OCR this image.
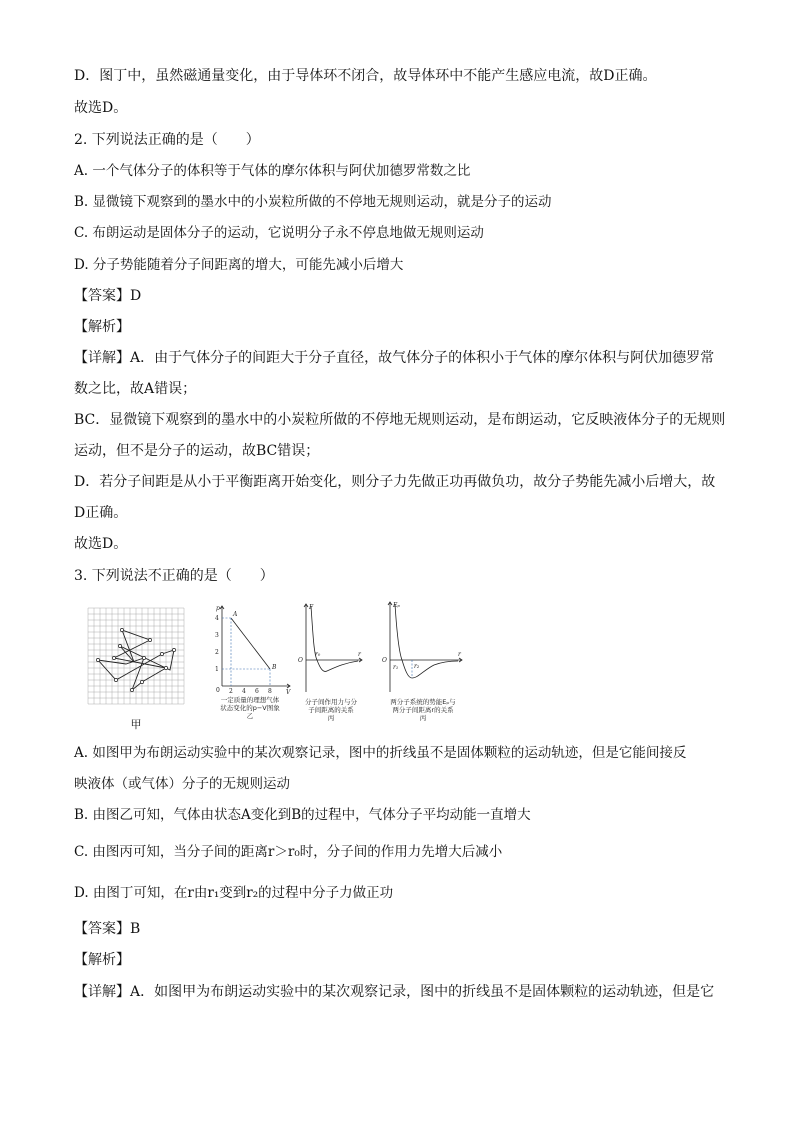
D．图丁中，虽然磁通量变化，由于导体环不闭合，故导体环中不能产生感应电流，故D正确。
故选D。
2. 下列说法正确的是（　　）
A. 一个气体分子的体积等于气体的摩尔体积与阿伏加德罗常数之比
B. 显微镜下观察到的墨水中的小炭粒所做的不停地无规则运动，就是分子的运动
C. 布朗运动是固体分子的运动，它说明分子永不停息地做无规则运动
D. 分子势能随着分子间距离的增大，可能先减小后增大
【答案】D
【解析】
【详解】A．由于气体分子的间距大于分子直径，故气体分子的体积小于气体的摩尔体积与阿伏加德罗常
数之比，故A错误；
BC．显微镜下观察到的墨水中的小炭粒所做的不停地无规则运动，是布朗运动，它反映液体分子的无规则
运动，但不是分子的运动，故BC错误；
D．若分子间距是从小于平衡距离开始变化，则分子力先做正功再做负功，故分子势能先减小后增大，故
D正确。
故选D。
3. 下列说法不正确的是（　　）
甲
p
V
0
1
2
3
4
2 4 6 8
A
B
一定质量的理想气体
状态变化的p−V图象
乙
F
r
O
r₀
分子间作用力与分
子间距离的关系
丙
Eₚ
r
O
r₁	r₂
两分子系统的势能Eₚ与
两分子间距离r的关系
丙
A. 如图甲为布朗运动实验中的某次观察记录，图中的折线虽不是固体颗粒的运动轨迹，但是它能间接反
映液体（或气体）分子的无规则运动
B. 由图乙可知，气体由状态A变化到B的过程中，气体分子平均动能一直增大
C. 由图丙可知，当分子间的距离r＞r₀时，分子间的作用力先增大后减小
D. 由图丁可知，在r由r₁变到r₂的过程中分子力做正功
【答案】B
【解析】
【详解】A．如图甲为布朗运动实验中的某次观察记录，图中的折线虽不是固体颗粒的运动轨迹，但是它
